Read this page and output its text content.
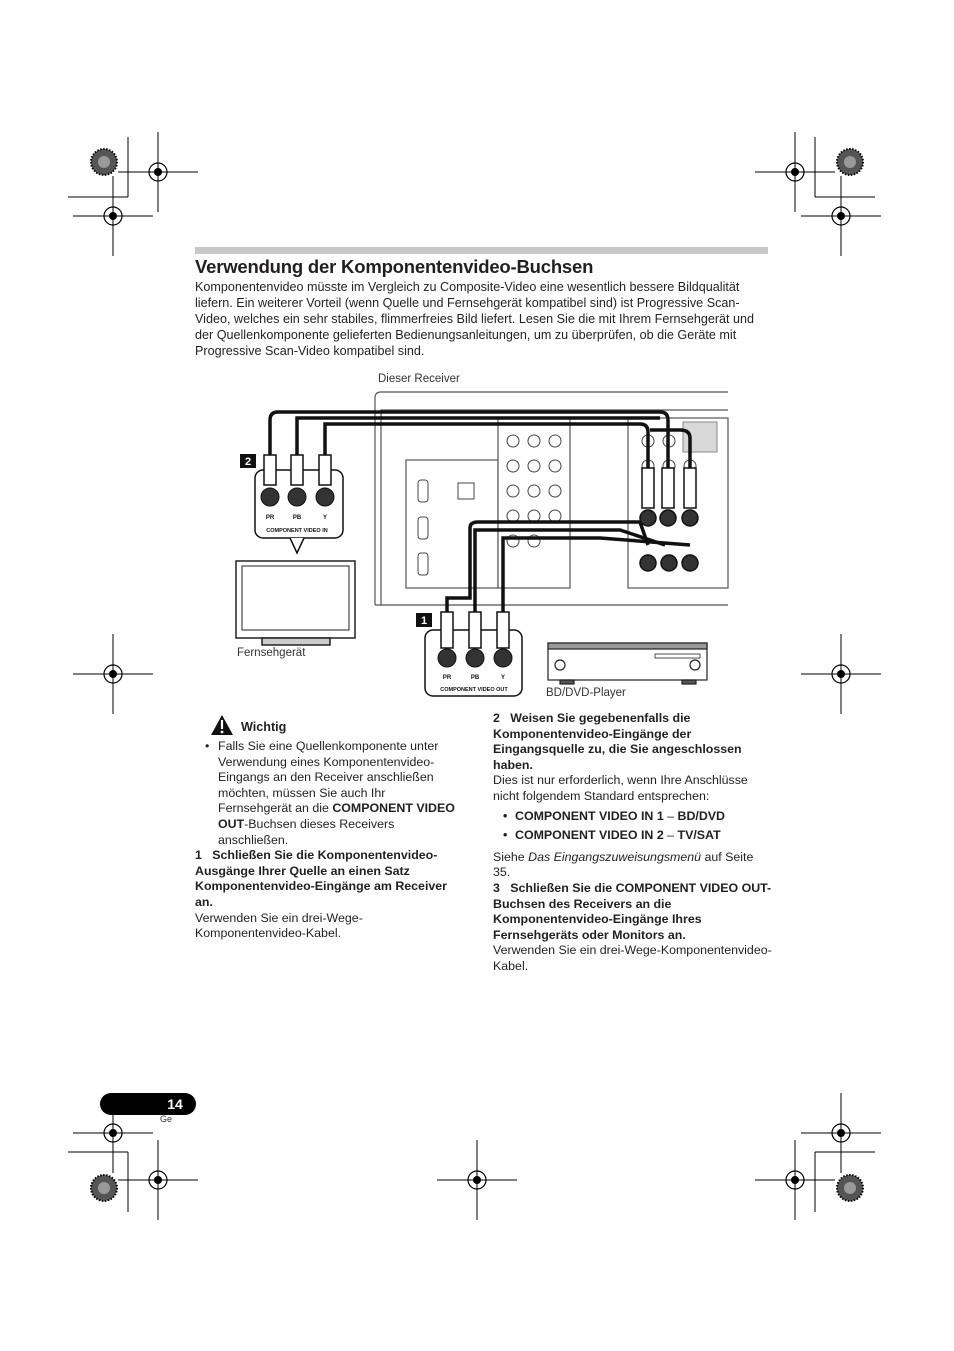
Verwendung der Komponentenvideo-Buchsen

Komponentenvideo müsste im Vergleich zu Composite-Video eine wesentlich bessere Bildqualität liefern. Ein weiterer Vorteil (wenn Quelle und Fernsehgerät kompatibel sind) ist Progressive Scan-Video, welches ein sehr stabiles, flimmerfreies Bild liefert. Lesen Sie die mit Ihrem Fernsehgerät und der Quellenkomponente gelieferten Bedienungsanleitungen, um zu überprüfen, ob die Geräte mit Progressive Scan-Video kompatibel sind.

PR	PB	Y
COMPONENT VIDEO IN
PR	PB	Y
COMPONENT VIDEO OUT
2
1
Dieser Receiver
Fernsehgerät
BD/DVD-Player
Wichtig
• Falls Sie eine Quellenkomponente unter Verwendung eines Komponentenvideo-Eingangs an den Receiver anschließen möchten, müssen Sie auch Ihr Fernsehgerät an die COMPONENT VIDEO OUT-Buchsen dieses Receivers anschließen.

1 Schließen Sie die Komponentenvideo-Ausgänge Ihrer Quelle an einen Satz Komponentenvideo-Eingänge am Receiver an.

Verwenden Sie ein drei-Wege-Komponentenvideo-Kabel.

2 Weisen Sie gegebenenfalls die Komponentenvideo-Eingänge der Eingangsquelle zu, die Sie angeschlossen haben.

Dies ist nur erforderlich, wenn Ihre Anschlüsse nicht folgendem Standard entsprechen:

• COMPONENT VIDEO IN 1 – BD/DVD
• COMPONENT VIDEO IN 2 – TV/SAT

Siehe Das Eingangszuweisungsmenü auf Seite 35.

3 Schließen Sie die COMPONENT VIDEO OUT-Buchsen des Receivers an die Komponentenvideo-Eingänge Ihres Fernsehgeräts oder Monitors an.

Verwenden Sie ein drei-Wege-Komponentenvideo-Kabel.

14
Ge
